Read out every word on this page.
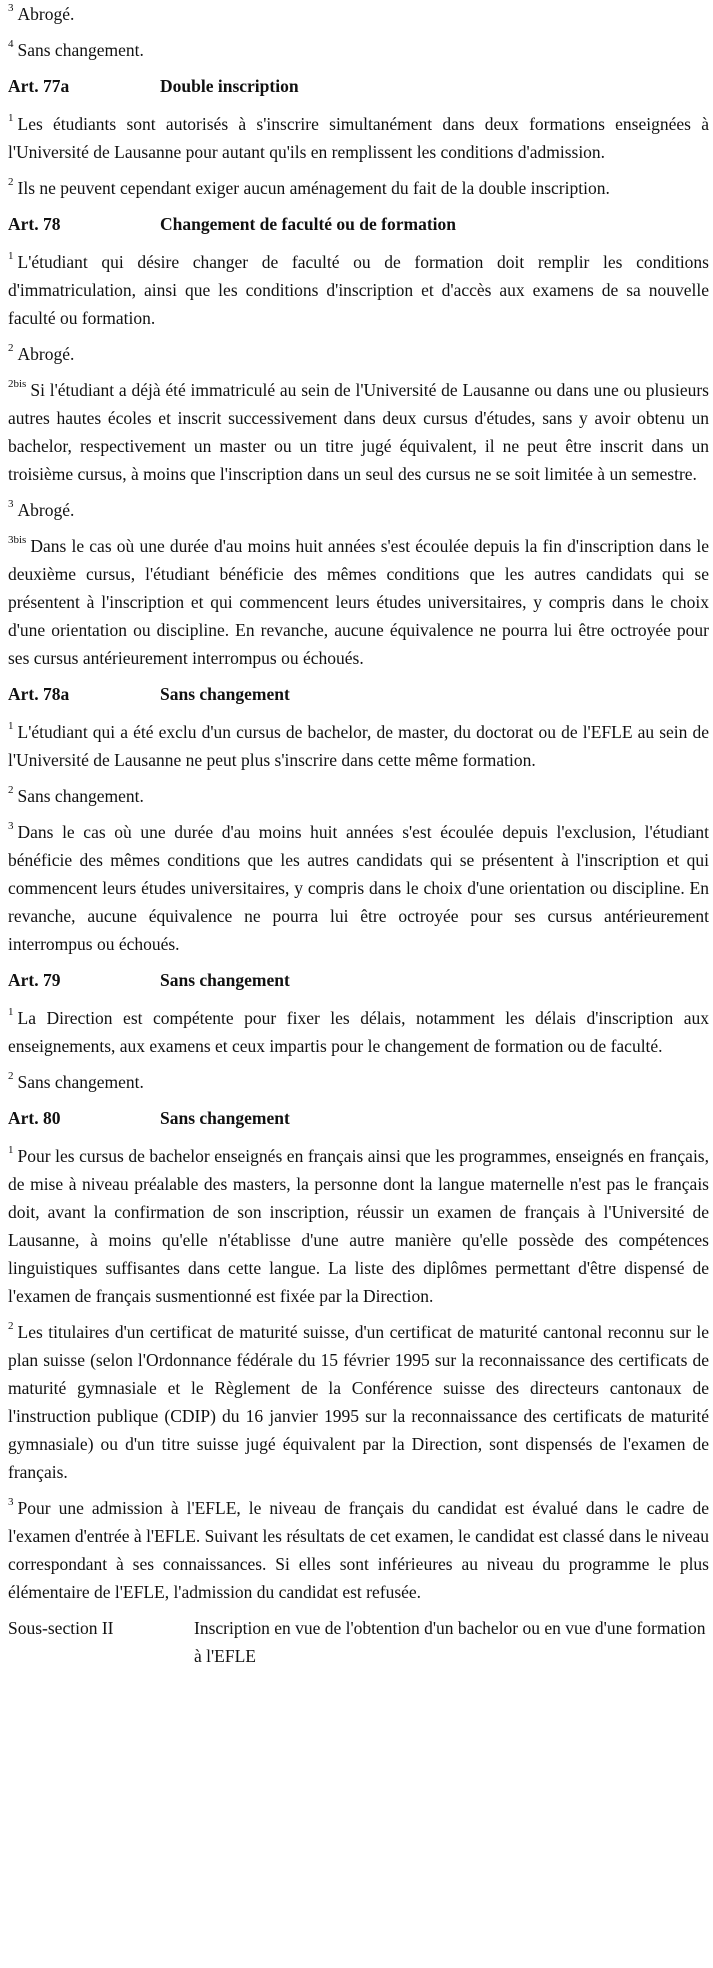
$^3$ Abrogé.

$^4$ Sans changement.

Art. 77a	Double inscription

$^1$ Les étudiants sont autorisés à s'inscrire simultanément dans deux formations enseignées à l'Université de Lausanne pour autant qu'ils en remplissent les conditions d'admission.

$^2$ Ils ne peuvent cependant exiger aucun aménagement du fait de la double inscription.

Art. 78	Changement de faculté ou de formation

$^1$ L'étudiant qui désire changer de faculté ou de formation doit remplir les conditions d'immatriculation, ainsi que les conditions d'inscription et d'accès aux examens de sa nouvelle faculté ou formation.

$^2$ Abrogé.

$^{2bis}$ Si l'étudiant a déjà été immatriculé au sein de l'Université de Lausanne ou dans une ou plusieurs autres hautes écoles et inscrit successivement dans deux cursus d'études, sans y avoir obtenu un bachelor, respectivement un master ou un titre jugé équivalent, il ne peut être inscrit dans un troisième cursus, à moins que l'inscription dans un seul des cursus ne se soit limitée à un semestre.

$^3$ Abrogé.

$^{3bis}$ Dans le cas où une durée d'au moins huit années s'est écoulée depuis la fin d'inscription dans le deuxième cursus, l'étudiant bénéficie des mêmes conditions que les autres candidats qui se présentent à l'inscription et qui commencent leurs études universitaires, y compris dans le choix d'une orientation ou discipline. En revanche, aucune équivalence ne pourra lui être octroyée pour ses cursus antérieurement interrompus ou échoués.

Art. 78a	Sans changement

$^1$ L'étudiant qui a été exclu d'un cursus de bachelor, de master, du doctorat ou de l'EFLE au sein de l'Université de Lausanne ne peut plus s'inscrire dans cette même formation.

$^2$ Sans changement.

$^3$ Dans le cas où une durée d'au moins huit années s'est écoulée depuis l'exclusion, l'étudiant bénéficie des mêmes conditions que les autres candidats qui se présentent à l'inscription et qui commencent leurs études universitaires, y compris dans le choix d'une orientation ou discipline. En revanche, aucune équivalence ne pourra lui être octroyée pour ses cursus antérieurement interrompus ou échoués.

Art. 79	Sans changement

$^1$ La Direction est compétente pour fixer les délais, notamment les délais d'inscription aux enseignements, aux examens et ceux impartis pour le changement de formation ou de faculté.

$^2$ Sans changement.

Art. 80	Sans changement

$^1$ Pour les cursus de bachelor enseignés en français ainsi que les programmes, enseignés en français, de mise à niveau préalable des masters, la personne dont la langue maternelle n'est pas le français doit, avant la confirmation de son inscription, réussir un examen de français à l'Université de Lausanne, à moins qu'elle n'établisse d'une autre manière qu'elle possède des compétences linguistiques suffisantes dans cette langue. La liste des diplômes permettant d'être dispensé de l'examen de français susmentionné est fixée par la Direction.

$^2$ Les titulaires d'un certificat de maturité suisse, d'un certificat de maturité cantonal reconnu sur le plan suisse (selon l'Ordonnance fédérale du 15 février 1995 sur la reconnaissance des certificats de maturité gymnasiale et le Règlement de la Conférence suisse des directeurs cantonaux de l'instruction publique (CDIP) du 16 janvier 1995 sur la reconnaissance des certificats de maturité gymnasiale) ou d'un titre suisse jugé équivalent par la Direction, sont dispensés de l'examen de français.

$^3$ Pour une admission à l'EFLE, le niveau de français du candidat est évalué dans le cadre de l'examen d'entrée à l'EFLE. Suivant les résultats de cet examen, le candidat est classé dans le niveau correspondant à ses connaissances. Si elles sont inférieures au niveau du programme le plus élémentaire de l'EFLE, l'admission du candidat est refusée.

Sous-section II	Inscription en vue de l'obtention d'un bachelor ou en vue d'une formation à l'EFLE
